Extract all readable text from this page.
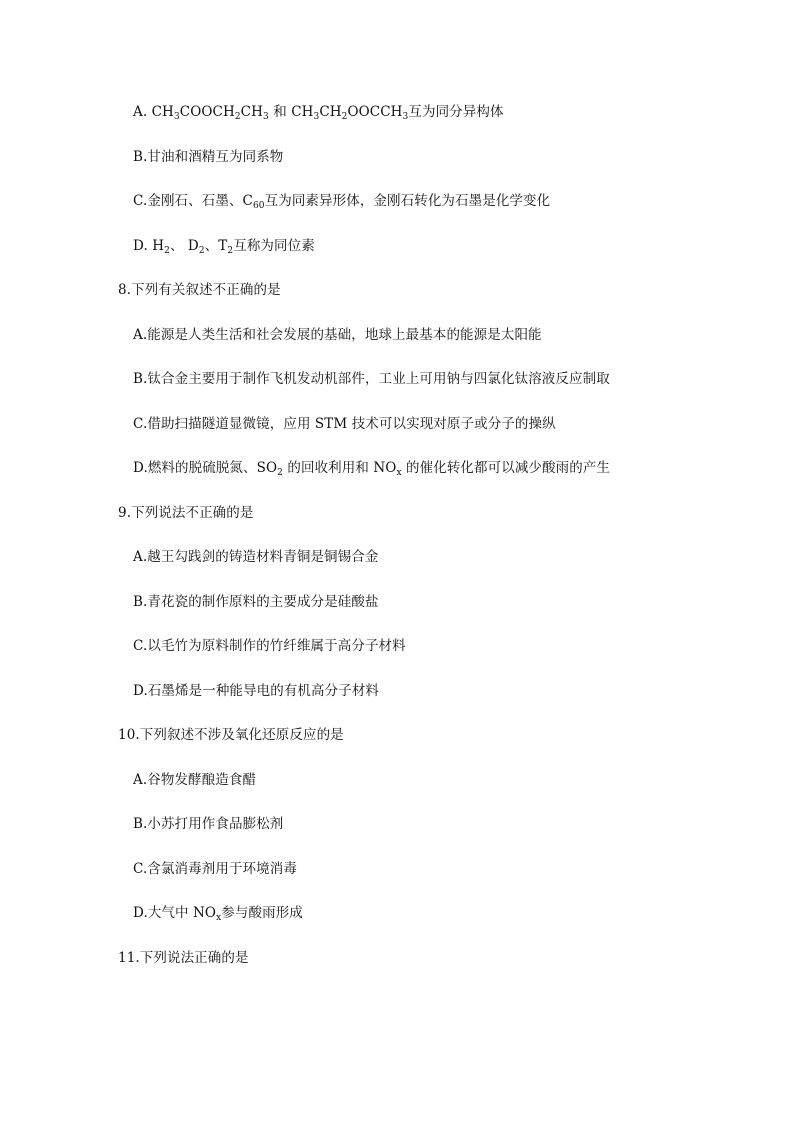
A. $CH_3COOCH_2CH_3$ 和 $CH_3CH_2OOCCH_3$互为同分异构体
B.甘油和酒精互为同系物
C.金刚石、石墨、$C_{60}$互为同素异形体，金刚石转化为石墨是化学变化
D. $H_2$、 $D_2$、$T_2$互称为同位素
8.下列有关叙述不正确的是
A.能源是人类生活和社会发展的基础，地球上最基本的能源是太阳能
B.钛合金主要用于制作飞机发动机部件，工业上可用钠与四氯化钛溶液反应制取
C.借助扫描隧道显微镜，应用 STM 技术可以实现对原子或分子的操纵
D.燃料的脱硫脱氮、$SO_2$ 的回收利用和 $NO_x$ 的催化转化都可以减少酸雨的产生
9.下列说法不正确的是
A.越王勾践剑的铸造材料青铜是铜锡合金
B.青花瓷的制作原料的主要成分是硅酸盐
C.以毛竹为原料制作的竹纤维属于高分子材料
D.石墨烯是一种能导电的有机高分子材料
10.下列叙述不涉及氧化还原反应的是
A.谷物发酵酿造食醋
B.小苏打用作食品膨松剂
C.含氯消毒剂用于环境消毒
D.大气中 $NO_x$参与酸雨形成
11.下列说法正确的是
